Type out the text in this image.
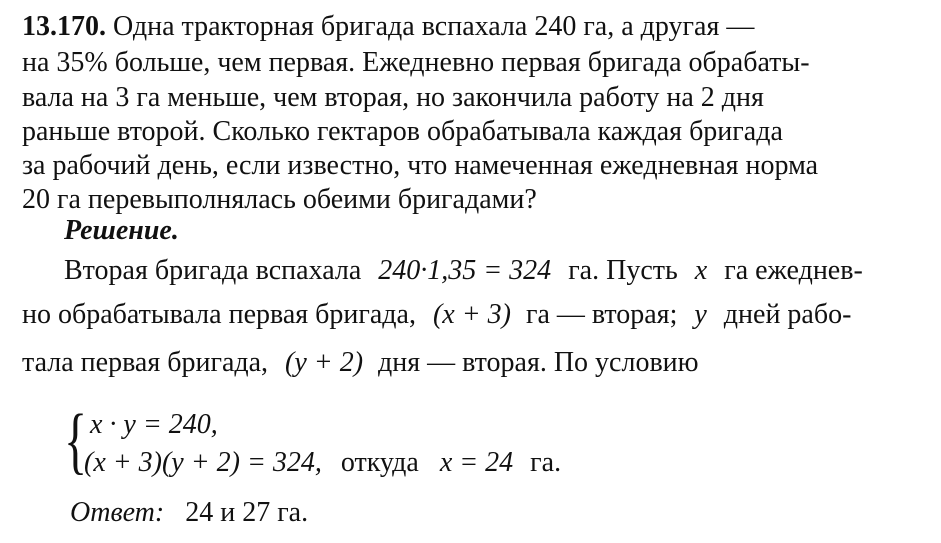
13.170. Одна тракторная бригада вспахала 240 га, а другая —
на 35% больше, чем первая. Ежедневно первая бригада обрабаты-
вала на 3 га меньше, чем вторая, но закончила работу на 2 дня
раньше второй. Сколько гектаров обрабатывала каждая бригада
за рабочий день, если известно, что намеченная ежедневная норма
20 га перевыполнялась обеими бригадами?
Решение.
Вторая бригада вспахала 240·1,35 = 324 га. Пусть x га ежеднев-
но обрабатывала первая бригада, (x + 3) га — вторая; y дней рабо-
тала первая бригада, (y + 2) дня — вторая. По условию
{ x · y = 240,
(x + 3)(y + 2) = 324, откуда x = 24 га.
Ответ: 24 и 27 га.
